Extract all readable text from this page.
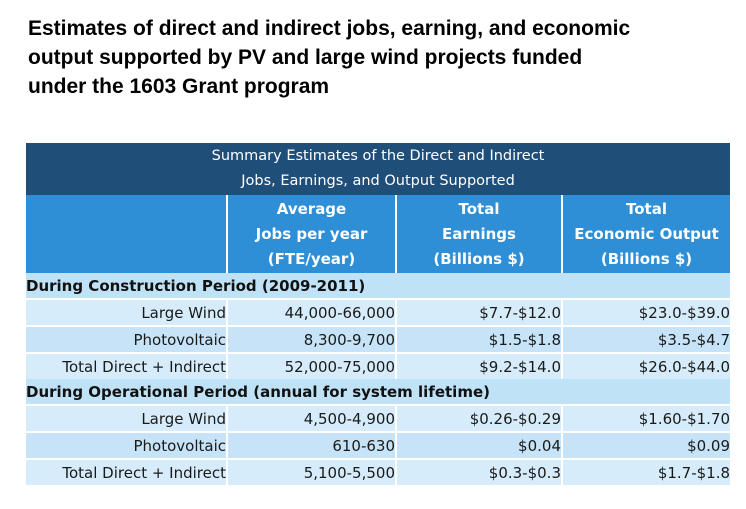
Estimates of direct and indirect jobs, earning, and economic
output supported by PV and large wind projects funded
under the 1603 Grant program
Summary Estimates of the Direct and Indirect
Jobs, Earnings, and Output Supported			

	Average
Jobs per year
(FTE/year)	Total
Earnings
(Billions $)	Total
Economic Output
(Billions $)

During Construction Period (2009-2011)			
Large Wind	44,000-66,000	$7.7-$12.0	$23.0-$39.0
Photovoltaic	8,300-9,700	$1.5-$1.8	$3.5-$4.7
Total Direct + Indirect	52,000-75,000	$9.2-$14.0	$26.0-$44.0
During Operational Period (annual for system lifetime)			
Large Wind	4,500-4,900	$0.26-$0.29	$1.60-$1.70
Photovoltaic	610-630	$0.04	$0.09
Total Direct + Indirect	5,100-5,500	$0.3-$0.3	$1.7-$1.8
